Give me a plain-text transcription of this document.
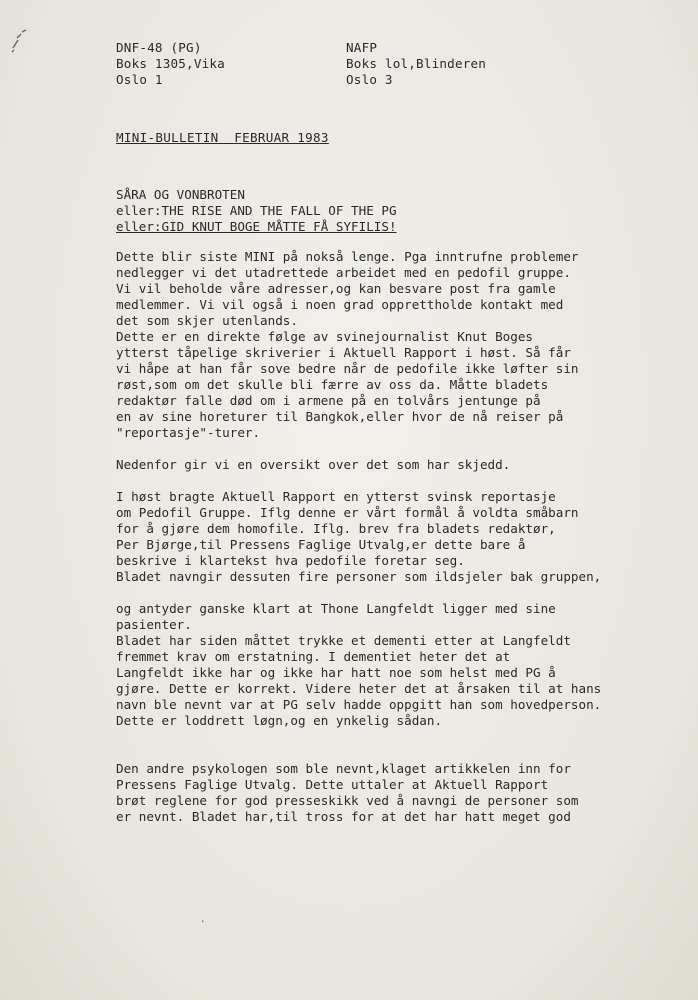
DNF-48 (PG)
Boks 1305,Vika
Oslo 1
NAFP
Boks lol,Blinderen
Oslo 3
MINI-BULLETIN  FEBRUAR 1983
SÅRA OG VONBROTEN
eller:THE RISE AND THE FALL OF THE PG
eller:GID KNUT BOGE MÅTTE FÅ SYFILIS!
Dette blir siste MINI på nokså lenge. Pga inntrufne problemer
nedlegger vi det utadrettede arbeidet med en pedofil gruppe.
Vi vil beholde våre adresser,og kan besvare post fra gamle
medlemmer. Vi vil også i noen grad opprettholde kontakt med
det som skjer utenlands.
Dette er en direkte følge av svinejournalist Knut Boges
ytterst tåpelige skriverier i Aktuell Rapport i høst. Så får
vi håpe at han får sove bedre når de pedofile ikke løfter sin
røst,som om det skulle bli færre av oss da. Måtte bladets
redaktør falle død om i armene på en tolvårs jentunge på
en av sine horeturer til Bangkok,eller hvor de nå reiser på
"reportasje"-turer.

Nedenfor gir vi en oversikt over det som har skjedd.

I høst bragte Aktuell Rapport en ytterst svinsk reportasje
om Pedofil Gruppe. Iflg denne er vårt formål å voldta småbarn
for å gjøre dem homofile. Iflg. brev fra bladets redaktør,
Per Bjørge,til Pressens Faglige Utvalg,er dette bare å
beskrive i klartekst hva pedofile foretar seg.
Bladet navngir dessuten fire personer som ildsjeler bak gruppen,
og antyder ganske klart at Thone Langfeldt ligger med sine
pasienter.
Bladet har siden måttet trykke et dementi etter at Langfeldt
fremmet krav om erstatning. I dementiet heter det at
Langfeldt ikke har og ikke har hatt noe som helst med PG å
gjøre. Dette er korrekt. Videre heter det at årsaken til at hans
navn ble nevnt var at PG selv hadde oppgitt han som hovedperson.
Dette er loddrett løgn,og en ynkelig sådan.

Den andre psykologen som ble nevnt,klaget artikkelen inn for
Pressens Faglige Utvalg. Dette uttaler at Aktuell Rapport
brøt reglene for god presseskikk ved å navngi de personer som
er nevnt. Bladet har,til tross for at det har hatt meget god
˛
